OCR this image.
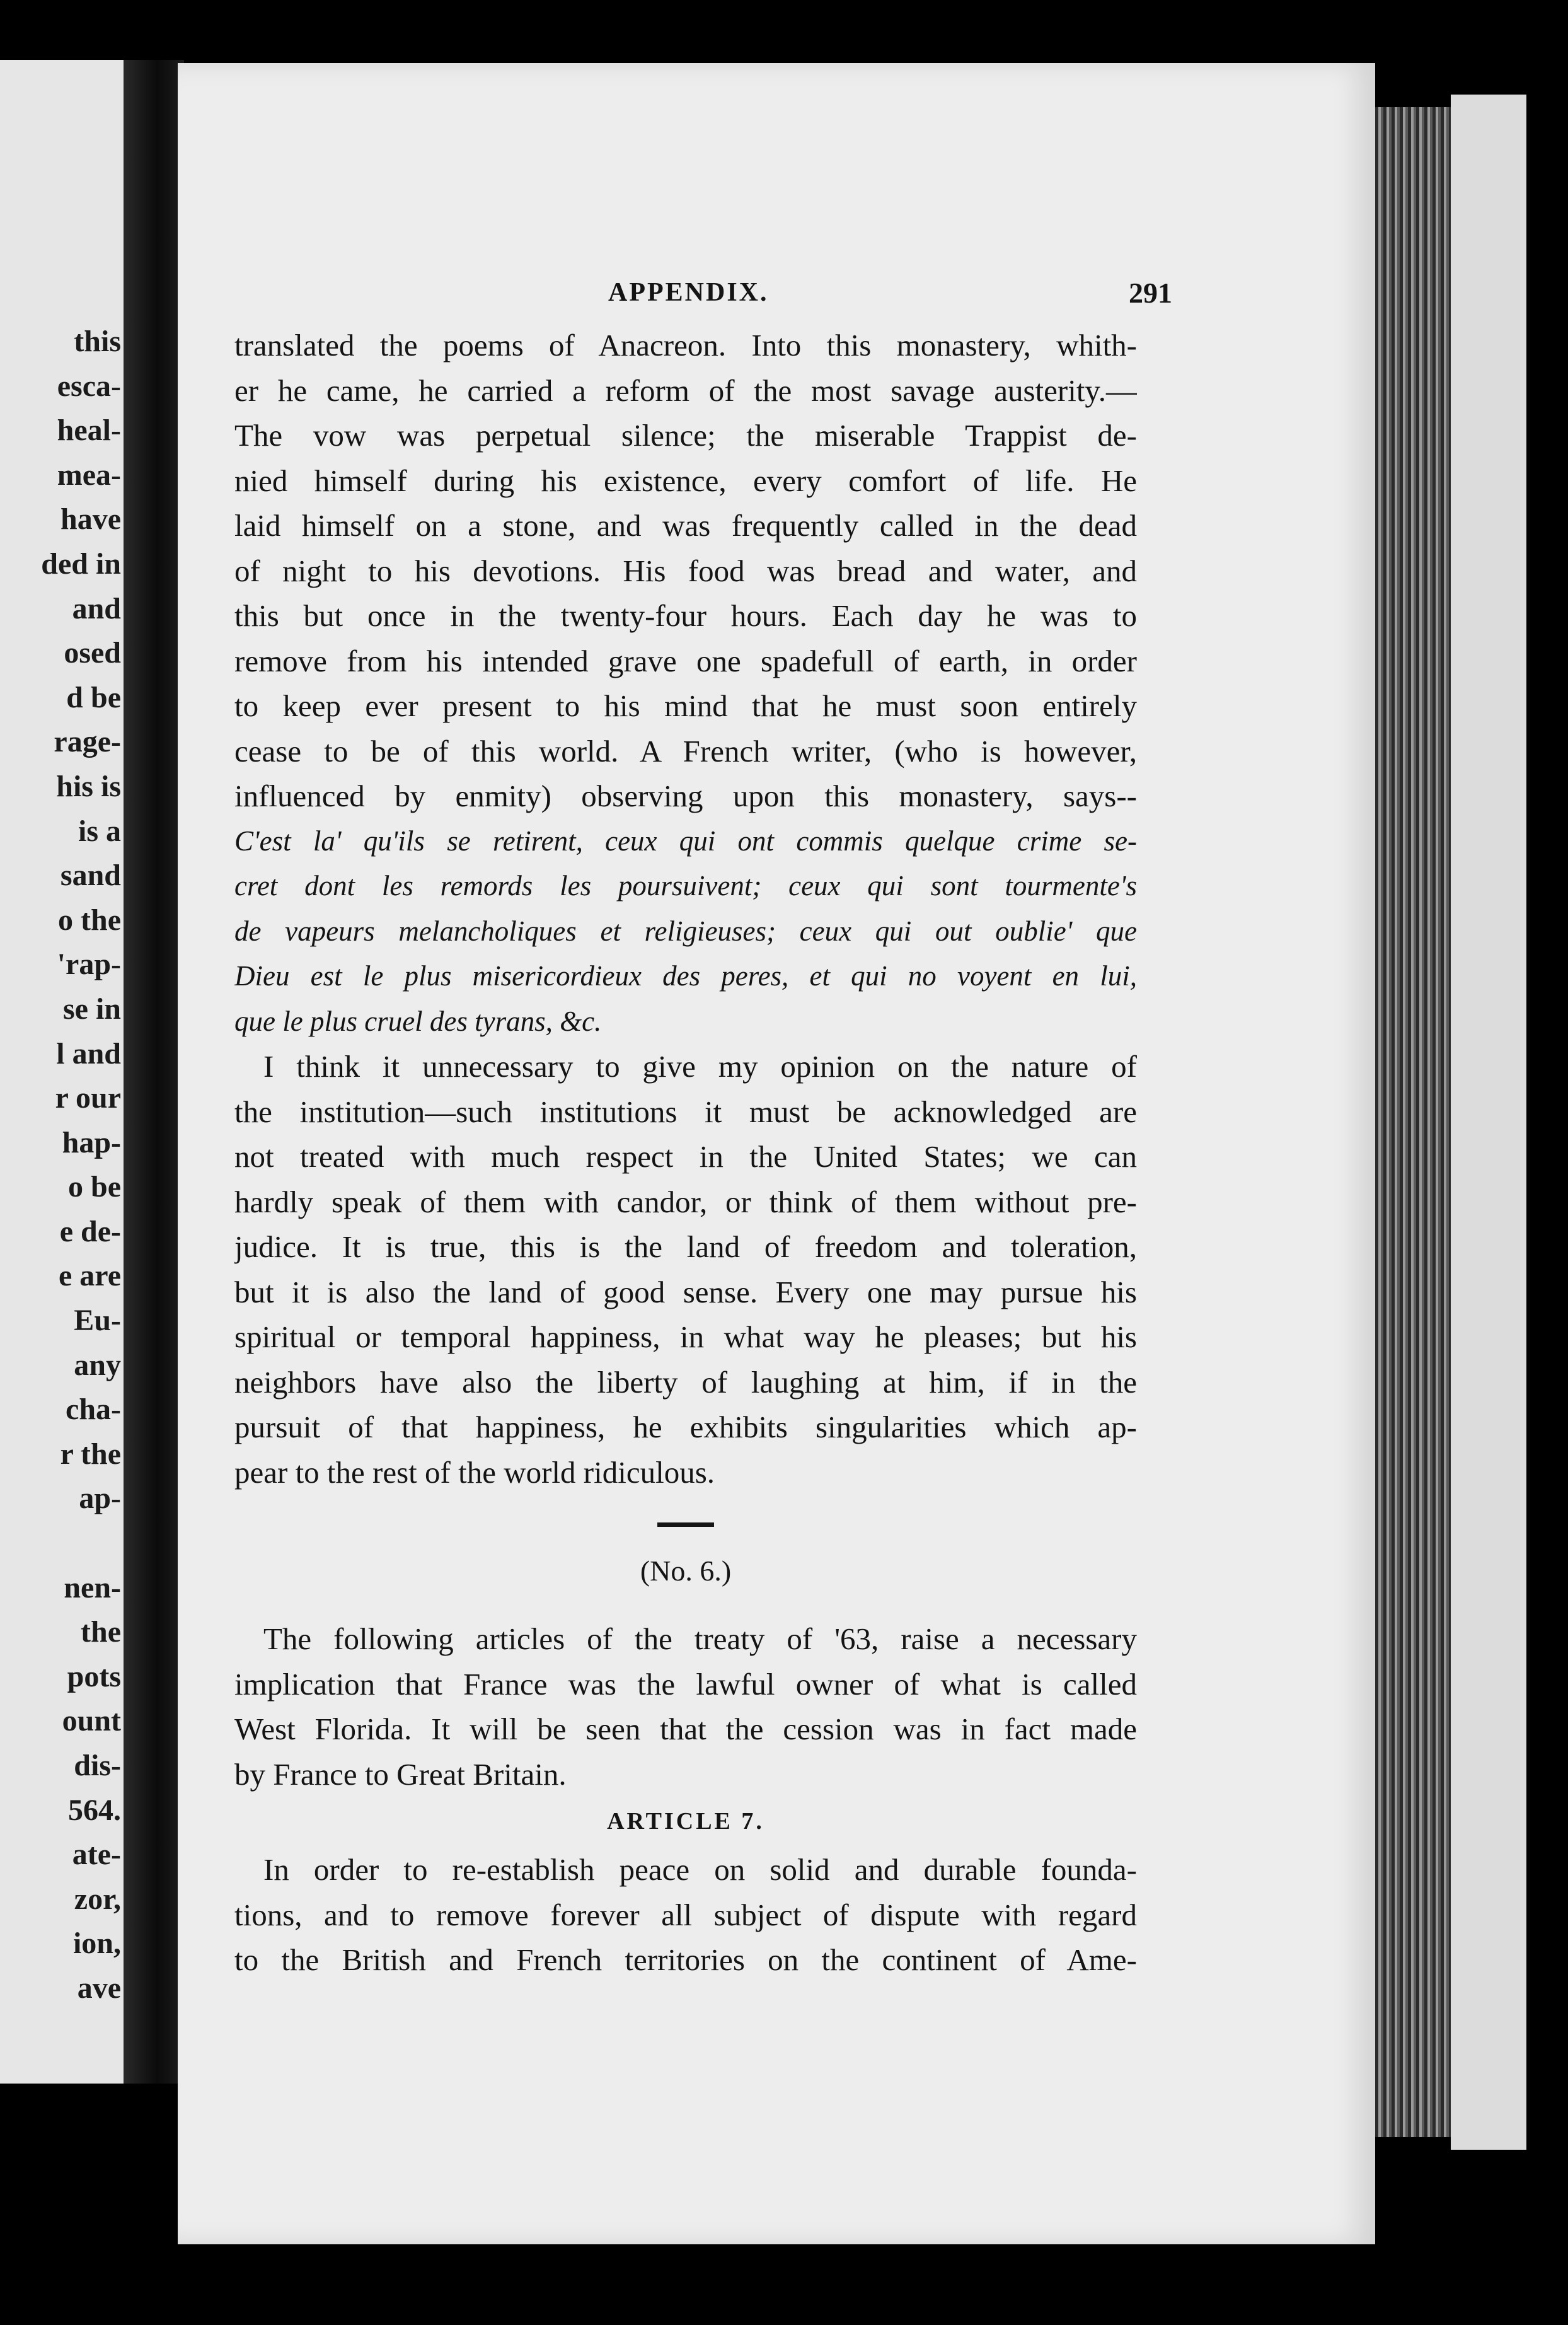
this
esca-
heal-
mea-
have
ded in
and
osed
d be
rage-
his is
is a
sand
o the
'rap-
se in
l and
r our
hap-
o be
e de-
e are
Eu-
any
cha-
r the
ap-

nen-
the
pots
ount
dis-
564.
ate-
zor,
ion,
ave
APPENDIX.	291
translated the poems of Anacreon. Into this monastery, whith-
er he came, he carried a reform of the most savage austerity.—
The vow was perpetual silence; the miserable Trappist de-
nied himself during his existence, every comfort of life. He
laid himself on a stone, and was frequently called in the dead
of night to his devotions. His food was bread and water, and
this but once in the twenty-four hours. Each day he was to
remove from his intended grave one spadefull of earth, in order
to keep ever present to his mind that he must soon entirely
cease to be of this world. A French writer, (who is however,
influenced by enmity) observing upon this monastery, says--
C'est la' qu'ils se retirent, ceux qui ont commis quelque crime se-
cret dont les remords les poursuivent; ceux qui sont tourmente's
de vapeurs melancholiques et religieuses; ceux qui out oublie' que
Dieu est le plus misericordieux des peres, et qui no voyent en lui,
que le plus cruel des tyrans, &c.
I think it unnecessary to give my opinion on the nature of
the institution—such institutions it must be acknowledged are
not treated with much respect in the United States; we can
hardly speak of them with candor, or think of them without pre-
judice. It is true, this is the land of freedom and toleration,
but it is also the land of good sense. Every one may pursue his
spiritual or temporal happiness, in what way he pleases; but his
neighbors have also the liberty of laughing at him, if in the
pursuit of that happiness, he exhibits singularities which ap-
pear to the rest of the world ridiculous.
(No. 6.)
The following articles of the treaty of '63, raise a necessary
implication that France was the lawful owner of what is called
West Florida. It will be seen that the cession was in fact made
by France to Great Britain.
ARTICLE 7.
In order to re-establish peace on solid and durable founda-
tions, and to remove forever all subject of dispute with regard
to the British and French territories on the continent of Ame-
